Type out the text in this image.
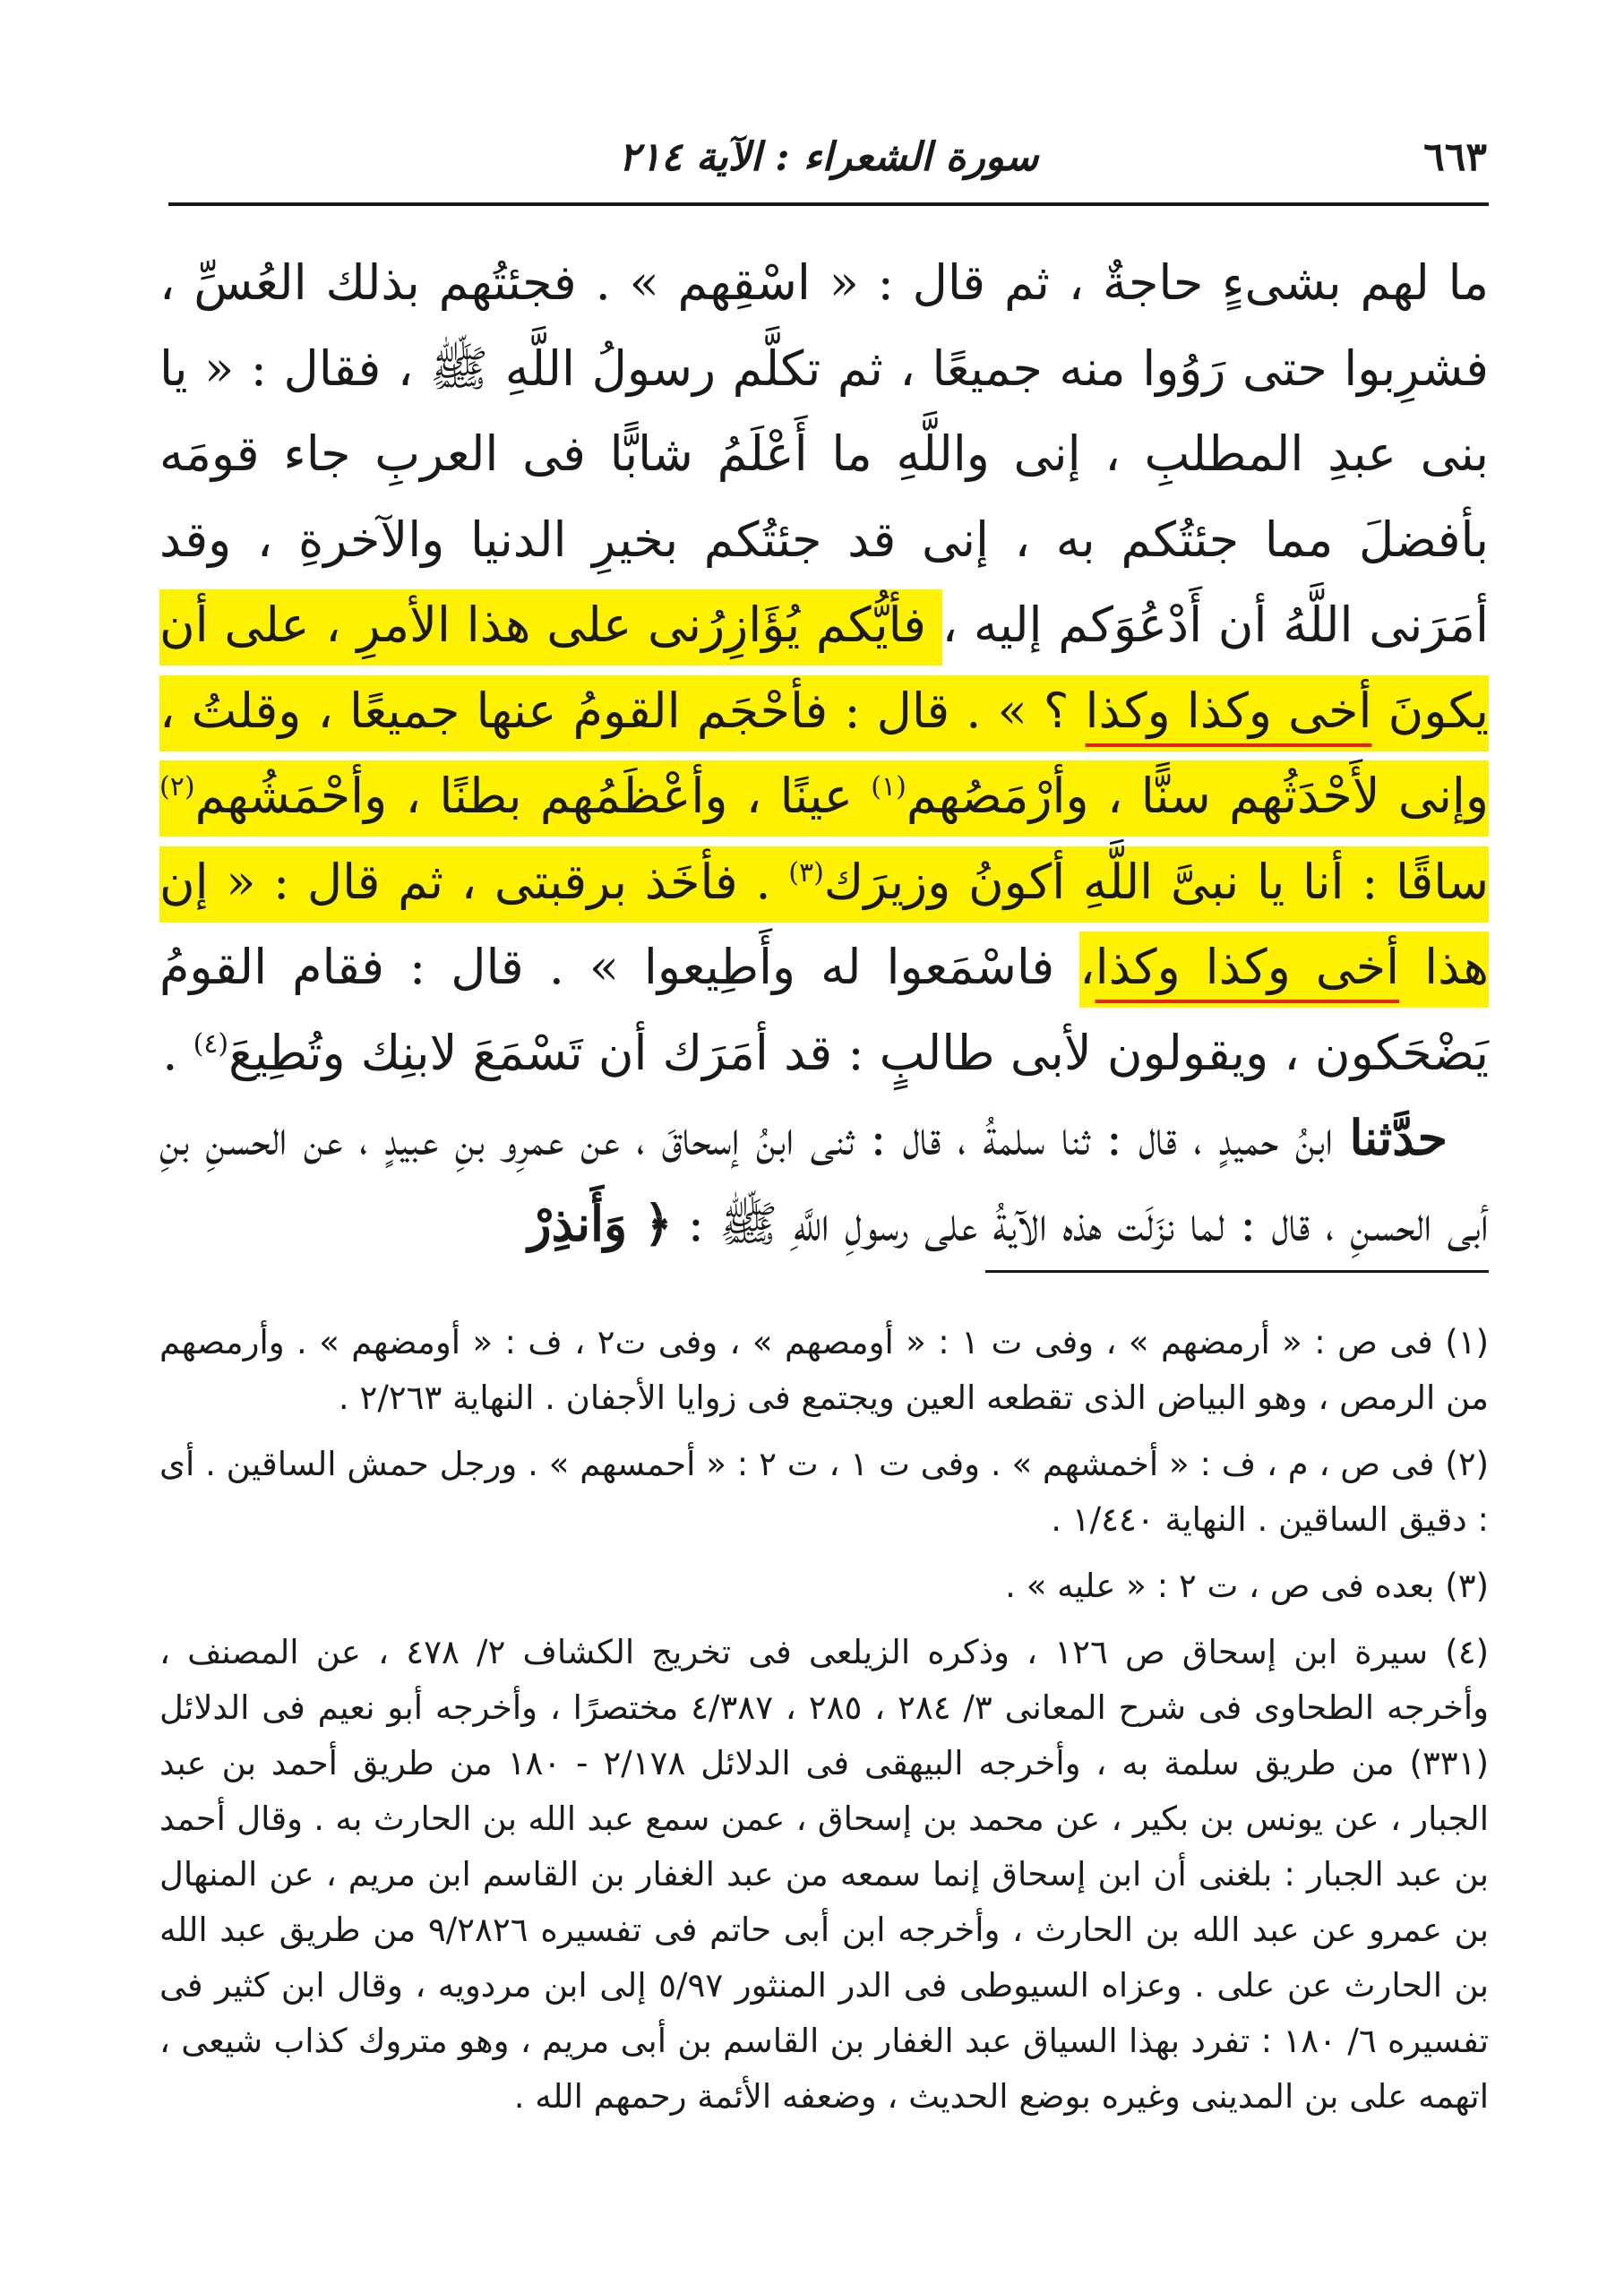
٦٦٣
سورة الشعراء : الآية ٢١٤

ما لهم بشىءٍ حاجةٌ ، ثم قال : « اسْقِهم » . فجئتُهم بذلك العُسِّ ، فشرِبوا حتى رَوُوا منه جميعًا ، ثم تكلَّم رسولُ اللَّهِ ﷺ ، فقال : « يا بنى عبدِ المطلبِ ، إنى واللَّهِ ما أَعْلَمُ شابًّا فى العربِ جاء قومَه بأفضلَ مما جئتُكم به ، إنى قد جئتُكم بخيرِ الدنيا والآخرةِ ، وقد أمَرَنى اللَّهُ أن أَدْعُوَكم إليه ، فأيُّكم يُؤَازِرُنى على هذا الأمرِ ، على أن يكونَ أخى وكذا وكذا ؟ » . قال : فأحْجَم القومُ عنها جميعًا ، وقلتُ ، وإنى لأَحْدَثُهم سنًّا ، وأرْمَصُهم$^{(١)}$ عينًا ، وأعْظَمُهم بطنًا ، وأحْمَشُهم$^{(٢)}$ ساقًا : أنا يا نبىَّ اللَّهِ أكونُ وزيرَك$^{(٣)}$ . فأخَذ برقبتى ، ثم قال : « إن هذا أخى وكذا وكذا، فاسْمَعوا له وأَطِيعوا » . قال : فقام القومُ يَضْحَكون ، ويقولون لأبى طالبٍ : قد أمَرَك أن تَسْمَعَ لابنِك وتُطِيعَ$^{(٤)}$ .

حدَّثنا ابنُ حميدٍ ، قال : ثنا سلمةُ ، قال : ثنى ابنُ إسحاقَ ، عن عمرِو بنِ عبيدٍ ، عن الحسنِ بنِ أبى الحسنِ ، قال : لما نزَلَت هذه الآيةُ على رسولِ اللَّهِ ﷺ : ﴿ وَأَنذِرْ

(١) فى ص : « أرمضهم » ، وفى ت ١ : « أومصهم » ، وفى ت٢ ، ف : « أومضهم » . وأرمصهم من الرمص ، وهو البياض الذى تقطعه العين ويجتمع فى زوايا الأجفان . النهاية ٢/٢٦٣ .

(٢) فى ص ، م ، ف : « أخمشهم » . وفى ت ١ ، ت ٢ : « أحمسهم » . ورجل حمش الساقين . أى : دقيق الساقين . النهاية ١/٤٤٠ .

(٣) بعده فى ص ، ت ٢ : « عليه » .

(٤) سيرة ابن إسحاق ص ١٢٦ ، وذكره الزيلعى فى تخريج الكشاف ٢/ ٤٧٨ ، عن المصنف ، وأخرجه الطحاوى فى شرح المعانى ٣/ ٢٨٤ ، ٢٨٥ ، ٤/٣٨٧ مختصرًا ، وأخرجه أبو نعيم فى الدلائل (٣٣١) من طريق سلمة به ، وأخرجه البيهقى فى الدلائل ٢/١٧٨ - ١٨٠ من طريق أحمد بن عبد الجبار ، عن يونس بن بكير ، عن محمد بن إسحاق ، عمن سمع عبد الله بن الحارث به . وقال أحمد بن عبد الجبار : بلغنى أن ابن إسحاق إنما سمعه من عبد الغفار بن القاسم ابن مريم ، عن المنهال بن عمرو عن عبد الله بن الحارث ، وأخرجه ابن أبى حاتم فى تفسيره ٩/٢٨٢٦ من طريق عبد الله بن الحارث عن على . وعزاه السيوطى فى الدر المنثور ٥/٩٧ إلى ابن مردويه ، وقال ابن كثير فى تفسيره ٦/ ١٨٠ : تفرد بهذا السياق عبد الغفار بن القاسم بن أبى مريم ، وهو متروك كذاب شيعى ، اتهمه على بن المدينى وغيره بوضع الحديث ، وضعفه الأئمة رحمهم الله .
